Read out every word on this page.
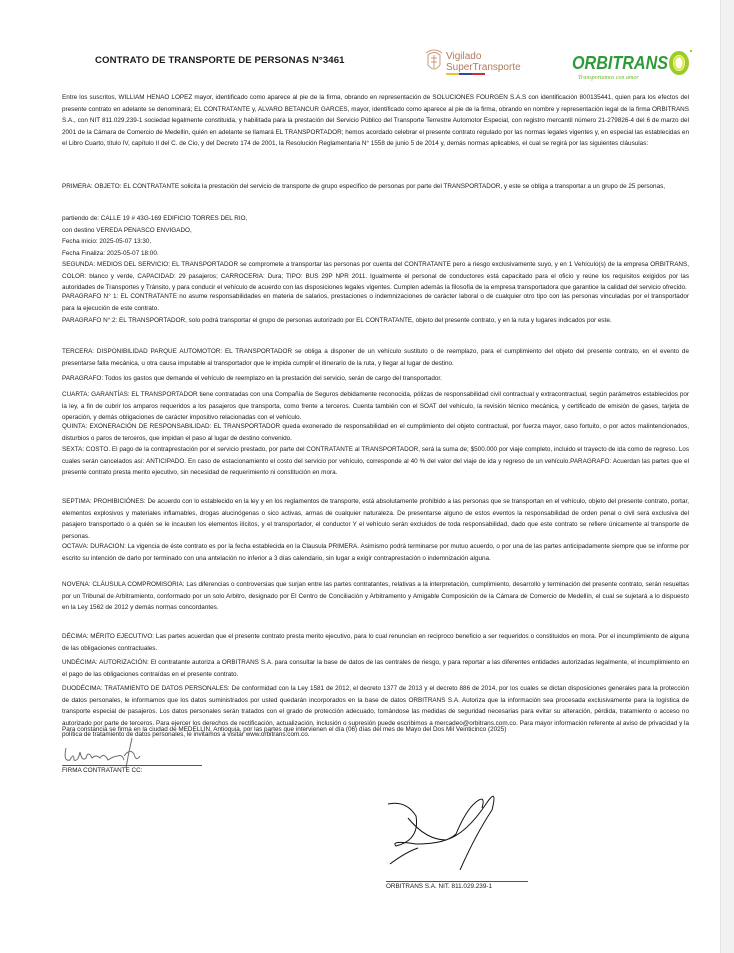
CONTRATO DE TRANSPORTE DE PERSONAS N°3461	Vigilado
SuperTransporte	ORBITRANS
Transportamos con amor

Entre los suscritos, WILLIAM HENAO LOPEZ mayor, identificado como aparece al pie de la firma, obrando en representación de SOLUCIONES FOURGEN S.A.S con identificación 800135441, quien para los efectos del presente contrato en adelante se denominará; EL CONTRATANTE y, ALVARO BETANCUR GARCES, mayor, identificado como aparece al pie de la firma, obrando en nombre y representación legal de la firma ORBITRANS S.A., con NIT 811.029.239-1 sociedad legalmente constituida, y habilitada para la prestación del Servicio Público del Transporte Terrestre Automotor Especial, con registro mercantil número 21-279826-4 del 6 de marzo del 2001 de la Cámara de Comercio de Medellín, quién en adelante se llamará EL TRANSPORTADOR; hemos acordado celebrar el presente contrato regulado por las normas legales vigentes y, en especial las establecidas en el Libro Cuarto, título IV, capítulo II del C. de Cio, y del Decreto 174 de 2001, la Resolución Reglamentaria N° 1558 de junio 5 de 2014 y, demás normas aplicables, el cual se regirá por las siguientes cláusulas:

PRIMERA: OBJETO: EL CONTRATANTE solicita la prestación del servicio de transporte de grupo específico de personas por parte del TRANSPORTADOR, y este se obliga a transportar a un grupo de 25 personas,

partiendo de: CALLE 19 # 43G-169 EDIFICIO TORRES DEL RIO,
con destino VEREDA PENASCO ENVIGADO,
Fecha inicio: 2025-05-07 13:30,
Fecha Finaliza: 2025-05-07 18:00.

SEGUNDA: MEDIOS DEL SERVICIO: EL TRANSPORTADOR se compromete a transportar las personas por cuenta del CONTRATANTE pero a riesgo exclusivamente suyo, y en 1 Vehículo(s) de la empresa ORBITRANS, COLOR: blanco y verde, CAPACIDAD: 29 pasajeros; CARROCERIA: Dura; TIPO: BUS 29P NPR 2011. Igualmente el personal de conductores está capacitado para el oficio y reúne los requisitos exigidos por las autoridades de Transportes y Tránsito, y para conducir el vehículo de acuerdo con las disposiciones legales vigentes. Cumplen además la filosofía de la empresa transportadora que garantice la calidad del servicio ofrecido.

PARAGRAFO N° 1: EL CONTRATANTE no asume responsabilidades en materia de salarios, prestaciones o indemnizaciones de carácter laboral o de cualquier otro tipo con las personas vinculadas por el transportador para la ejecución de este contrato.

PARAGRAFO N° 2: EL TRANSPORTADOR, solo podrá transportar el grupo de personas autorizado por EL CONTRATANTE, objeto del presente contrato, y en la ruta y lugares indicados por este.

TERCERA: DISPONIBILIDAD PARQUE AUTOMOTOR: EL TRANSPORTADOR se obliga a disponer de un vehículo sustituto o de reemplazo, para el cumplimiento del objeto del presente contrato, en el evento de presentarse falla mecánica, u otra causa imputable al transportador que le impida cumplir el itinerario de la ruta, y llegar al lugar de destino.

PARAGRAFO: Todos los gastos que demande el vehículo de reemplazo en la prestación del servicio, serán de cargo del transportador.

CUARTA: GARANTÍAS: EL TRANSPORTADOR tiene contratadas con una Compañía de Seguros debidamente reconocida, pólizas de responsabilidad civil contractual y extracontractual, según parámetros establecidos por la ley, a fin de cubrir los amparos requeridos a los pasajeros que transporta, como frente a terceros. Cuenta también con el SOAT del vehículo, la revisión técnico mecánica, y certificado de emisión de gases, tarjeta de operación, y demás obligaciones de carácter impositivo relacionadas con el vehículo.

QUINTA: EXONERACIÓN DE RESPONSABILIDAD: EL TRANSPORTADOR queda exonerado de responsabilidad en el cumplimiento del objeto contractual, por fuerza mayor, caso fortuito, o por actos malintencionados, disturbios o paros de terceros, que impidan el paso al lugar de destino convenido.

SEXTA: COSTO. El pago de la contraprestación por el servicio prestado, por parte del CONTRATANTE al TRANSPORTADOR, será la suma de; $500.000 por viaje completo, incluido el trayecto de ida como de regreso. Los cuales serán cancelados así: ANTICIPADO. En caso de estacionamiento el costo del servicio por vehículo, corresponde al 40 % del valor del viaje de ida y regreso de un vehículo.PARAGRAFO: Acuerdan las partes que el presente contrato presta merito ejecutivo, sin necesidad de requerimiento ni constitución en mora.

SEPTIMA: PROHIBICIÓNES: De acuerdo con lo establecido en la ley y en los reglamentos de transporte, está absolutamente prohibido a las personas que se transportan en el vehículo, objeto del presente contrato, portar, elementos explosivos y materiales inflamables, drogas alucinógenas o sico activas, armas de cualquier naturaleza. De presentarse alguno de estos eventos la responsabilidad de orden penal o civil será exclusiva del pasajero transportado o a quién se le incauten los elementos ilícitos, y el transportador, el conductor Y el vehículo serán excluidos de toda responsabilidad, dado que este contrato se refiere únicamente al transporte de personas.

OCTAVA: DURACION: La vigencia de éste contrato es por la fecha establecida en la Clausula PRIMERA. Asimismo podrá terminarse por mutuo acuerdo, o por una de las partes anticipadamente siempre que se informe por escrito su intención de darlo por terminado con una antelación no inferior a 3 días calendario, sin lugar a exigir contraprestación o indemnización alguna.

NOVENA: CLÁUSULA COMPROMISORIA: Las diferencias o controversias que surjan entre las partes contratantes, relativas a la interpretación, cumplimiento, desarrollo y terminación del presente contrato, serán resueltas por un Tribunal de Arbitramiento, conformado por un solo Arbitro, designado por El Centro de Conciliación y Arbitramento y Amigable Composición de la Cámara de Comercio de Medellín, el cual se sujetará a lo dispuesto en la Ley 1562 de 2012 y demás normas concordantes.

DÉCIMA: MÉRITO EJECUTIVO: Las partes acuerdan que el presente contrato presta merito ejecutivo, para lo cual renuncian en reciproco beneficio a ser requeridos o constituidos en mora. Por el incumplimiento de alguna de las obligaciones contractuales.

UNDÉCIMA: AUTORIZACIÓN: El contratante autoriza a ORBITRANS S.A. para consultar la base de datos de las centrales de riesgo, y para reportar a las diferentes entidades autorizadas legalmente, el incumplimiento en el pago de las obligaciones contraídas en el presente contrato.

DUODÉCIMA: TRATAMIENTO DE DATOS PERSONALES: De conformidad con la Ley 1581 de 2012, el decreto 1377 de 2013 y el decreto 886 de 2014, por los cuales se dictan disposiciones generales para la protección de datos personales, le informamos que los datos suministrados por usted quedarán incorporados en la base de datos ORBITRANS S.A. Autoriza que la información sea procesada exclusivamente para la logística de transporte especial de pasajeros. Los datos personales serán tratados con el grado de protección adecuado, tomándose las medidas de seguridad necesarias para evitar su alteración, pérdida, tratamiento o acceso no autorizado por parte de terceros. Para ejercer los derechos de rectificación, actualización, inclusión o supresión puede escribimos a mercadeo@orbitrans.com.co. Para mayor información referente al aviso de privacidad y la política de tratamiento de datos personales, le invitamos a visitar www.orbitrans.com.co.

Para constancia se firma en la ciudad de MEDELLIN, Antioquia, por las partes que intervienen el día (06) días del mes de Mayo del Dos Mil Veinticinco (2025)

FIRMA CONTRATANTE CC:
ORBITRANS S.A. NIT. 811.029.239-1
